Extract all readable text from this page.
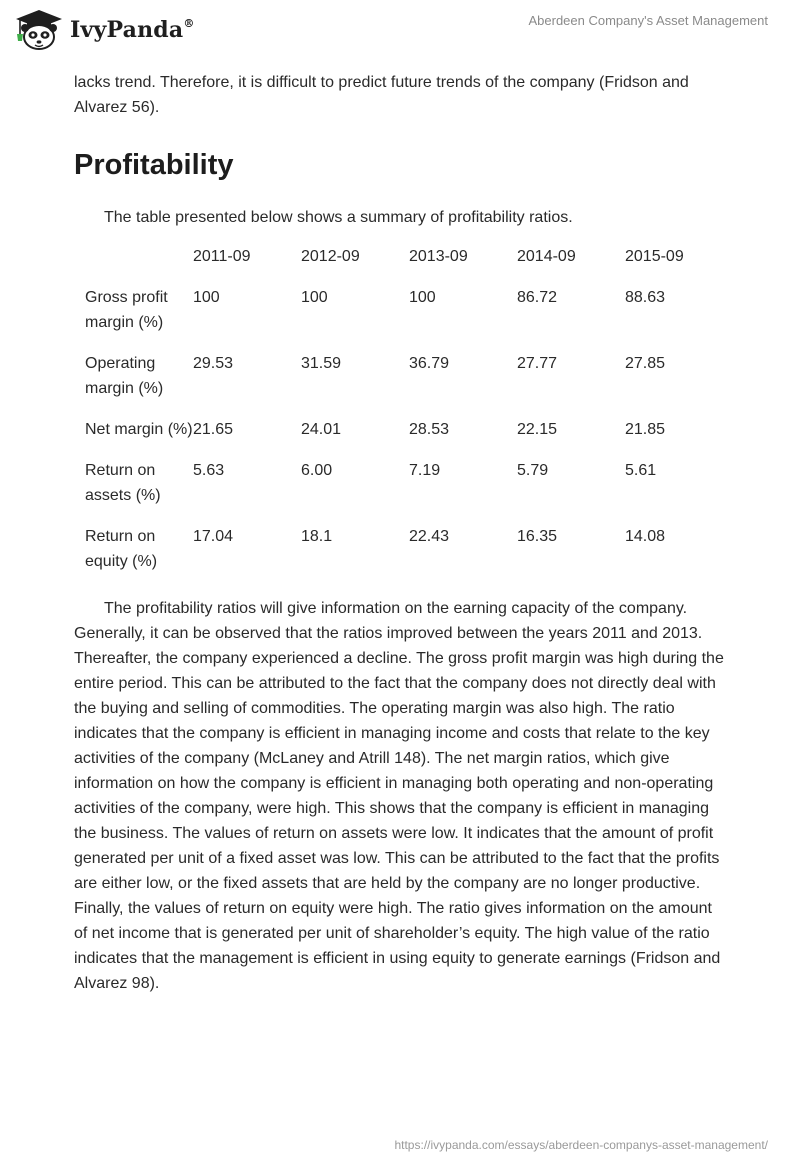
IvyPanda®	Aberdeen Company's Asset Management

lacks trend. Therefore, it is difficult to predict future trends of the company (Fridson and Alvarez 56).

Profitability

The table presented below shows a summary of profitability ratios.

	2011-09	2012-09	2013-09	2014-09	2015-09
Gross profit margin (%)	100	100	100	86.72	88.63
Operating margin (%)	29.53	31.59	36.79	27.77	27.85
Net margin (%)	21.65	24.01	28.53	22.15	21.85
Return on assets (%)	5.63	6.00	7.19	5.79	5.61
Return on equity (%)	17.04	18.1	22.43	16.35	14.08

The profitability ratios will give information on the earning capacity of the company. Generally, it can be observed that the ratios improved between the years 2011 and 2013. Thereafter, the company experienced a decline. The gross profit margin was high during the entire period. This can be attributed to the fact that the company does not directly deal with the buying and selling of commodities. The operating margin was also high. The ratio indicates that the company is efficient in managing income and costs that relate to the key activities of the company (McLaney and Atrill 148). The net margin ratios, which give information on how the company is efficient in managing both operating and non-operating activities of the company, were high. This shows that the company is efficient in managing the business. The values of return on assets were low. It indicates that the amount of profit generated per unit of a fixed asset was low. This can be attributed to the fact that the profits are either low, or the fixed assets that are held by the company are no longer productive. Finally, the values of return on equity were high. The ratio gives information on the amount of net income that is generated per unit of shareholder’s equity. The high value of the ratio indicates that the management is efficient in using equity to generate earnings (Fridson and Alvarez 98).

https://ivypanda.com/essays/aberdeen-companys-asset-management/
